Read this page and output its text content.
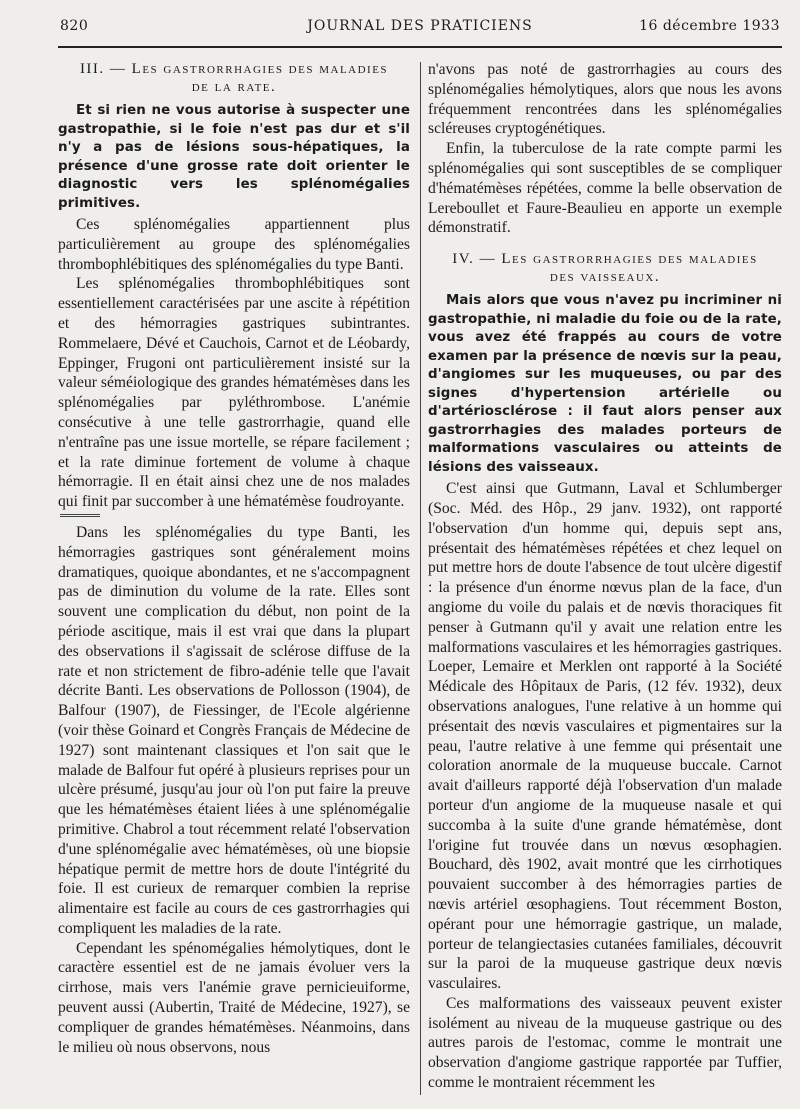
820	JOURNAL DES PRATICIENS	16 décembre 1933
III. — Les gastrorrhagies des maladies
de la rate.

Et si rien ne vous autorise à suspecter une gastropathie, si le foie n'est pas dur et s'il n'y a pas de lésions sous-hépatiques, la présence d'une grosse rate doit orienter le diagnostic vers les splénomégalies primitives.

Ces splénomégalies appartiennent plus particulièrement au groupe des splénomégalies thrombophlébitiques des splénomégalies du type Banti.

Les splénomégalies thrombophlébitiques sont essentiellement caractérisées par une ascite à répétition et des hémorragies gastriques subintrantes. Rommelaere, Dévé et Cauchois, Carnot et de Léobardy, Eppinger, Frugoni ont particulièrement insisté sur la valeur séméiologique des grandes hématémèses dans les splénomégalies par pyléthrombose. L'anémie consécutive à une telle gastrorrhagie, quand elle n'entraîne pas une issue mortelle, se répare facilement ; et la rate diminue fortement de volume à chaque hémorragie. Il en était ainsi chez une de nos malades qui finit par succomber à une hématémèse foudroyante.

Dans les splénomégalies du type Banti, les hémorragies gastriques sont généralement moins dramatiques, quoique abondantes, et ne s'accompagnent pas de diminution du volume de la rate. Elles sont souvent une complication du début, non point de la période ascitique, mais il est vrai que dans la plupart des observations il s'agissait de sclérose diffuse de la rate et non strictement de fibro-adénie telle que l'avait décrite Banti. Les observations de Pollosson (1904), de Balfour (1907), de Fiessinger, de l'Ecole algérienne (voir thèse Goinard et Congrès Français de Médecine de 1927) sont maintenant classiques et l'on sait que le malade de Balfour fut opéré à plusieurs reprises pour un ulcère présumé, jusqu'au jour où l'on put faire la preuve que les hématémèses étaient liées à une splénomégalie primitive. Chabrol a tout récemment relaté l'observation d'une splénomégalie avec hématémèses, où une biopsie hépatique permit de mettre hors de doute l'intégrité du foie. Il est curieux de remarquer combien la reprise alimentaire est facile au cours de ces gastrorrhagies qui compliquent les maladies de la rate.

Cependant les spénomégalies hémolytiques, dont le caractère essentiel est de ne jamais évoluer vers la cirrhose, mais vers l'anémie grave pernicieuiforme, peuvent aussi (Aubertin, Traité de Médecine, 1927), se compliquer de grandes hématémèses. Néanmoins, dans le milieu où nous observons, nous

n'avons pas noté de gastrorrhagies au cours des splénomégalies hémolytiques, alors que nous les avons fréquemment rencontrées dans les splénomégalies scléreuses cryptogénétiques.

Enfin, la tuberculose de la rate compte parmi les splénomégalies qui sont susceptibles de se compliquer d'hématémèses répétées, comme la belle observation de Lereboullet et Faure-Beaulieu en apporte un exemple démonstratif.

IV. — Les gastrorrhagies des maladies
des vaisseaux.

Mais alors que vous n'avez pu incriminer ni gastropathie, ni maladie du foie ou de la rate, vous avez été frappés au cours de votre examen par la présence de nœvis sur la peau, d'angiomes sur les muqueuses, ou par des signes d'hypertension artérielle ou d'artériosclérose : il faut alors penser aux gastrorrhagies des malades porteurs de malformations vasculaires ou atteints de lésions des vaisseaux.

C'est ainsi que Gutmann, Laval et Schlumberger (Soc. Méd. des Hôp., 29 janv. 1932), ont rapporté l'observation d'un homme qui, depuis sept ans, présentait des hématémèses répétées et chez lequel on put mettre hors de doute l'absence de tout ulcère digestif : la présence d'un énorme nœvus plan de la face, d'un angiome du voile du palais et de nœvis thoraciques fit penser à Gutmann qu'il y avait une relation entre les malformations vasculaires et les hémorragies gastriques. Loeper, Lemaire et Merklen ont rapporté à la Société Médicale des Hôpitaux de Paris, (12 fév. 1932), deux observations analogues, l'une relative à un homme qui présentait des nœvis vasculaires et pigmentaires sur la peau, l'autre relative à une femme qui présentait une coloration anormale de la muqueuse buccale. Carnot avait d'ailleurs rapporté déjà l'observation d'un malade porteur d'un angiome de la muqueuse nasale et qui succomba à la suite d'une grande hématémèse, dont l'origine fut trouvée dans un nœvus œsophagien. Bouchard, dès 1902, avait montré que les cirrhotiques pouvaient succomber à des hémorragies parties de nœvis artériel œsophagiens. Tout récemment Boston, opérant pour une hémorragie gastrique, un malade, porteur de telangiectasies cutanées familiales, découvrit sur la paroi de la muqueuse gastrique deux nœvis vasculaires.

Ces malformations des vaisseaux peuvent exister isolément au niveau de la muqueuse gastrique ou des autres parois de l'estomac, comme le montrait une observation d'angiome gastrique rapportée par Tuffier, comme le montraient récemment les
